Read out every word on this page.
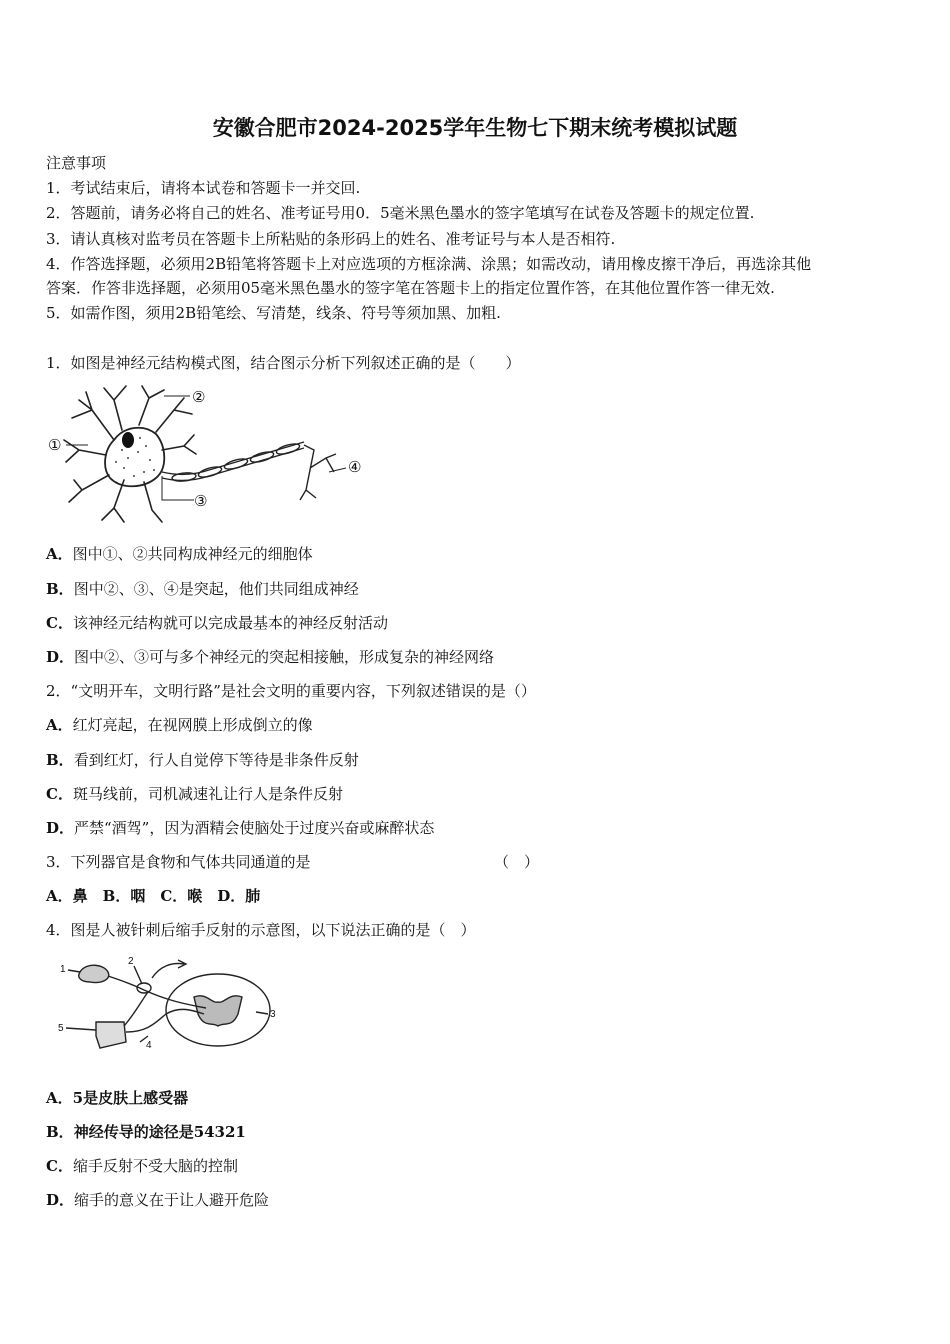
安徽合肥市2024-2025学年生物七下期末统考模拟试题
注意事项
1．考试结束后，请将本试卷和答题卡一并交回.
2．答题前，请务必将自己的姓名、准考证号用0．5毫米黑色墨水的签字笔填写在试卷及答题卡的规定位置.
3．请认真核对监考员在答题卡上所粘贴的条形码上的姓名、准考证号与本人是否相符.
4．作答选择题，必须用2B铅笔将答题卡上对应选项的方框涂满、涂黑；如需改动，请用橡皮擦干净后，再选涂其他
答案．作答非选择题，必须用05毫米黑色墨水的签字笔在答题卡上的指定位置作答，在其他位置作答一律无效.
5．如需作图，须用2B铅笔绘、写清楚，线条、符号等须加黑、加粗.
1．如图是神经元结构模式图，结合图示分析下列叙述正确的是（　　）
①
②
③
④
A．图中①、②共同构成神经元的细胞体
B．图中②、③、④是突起，他们共同组成神经
C．该神经元结构就可以完成最基本的神经反射活动
D．图中②、③可与多个神经元的突起相接触，形成复杂的神经网络
2．“文明开车，文明行路”是社会文明的重要内容，下列叙述错误的是（）
A．红灯亮起，在视网膜上形成倒立的像
B．看到红灯，行人自觉停下等待是非条件反射
C．斑马线前，司机减速礼让行人是条件反射
D．严禁“酒驾”，因为酒精会使脑处于过度兴奋或麻醉状态
3．下列器官是食物和气体共同通道的是	（　）
A．鼻　B．咽　C．喉　D．肺
4．图是人被针刺后缩手反射的示意图，以下说法正确的是（　）
1
2
3
4
5
A．5是皮肤上感受器
B．神经传导的途径是54321
C．缩手反射不受大脑的控制
D．缩手的意义在于让人避开危险
